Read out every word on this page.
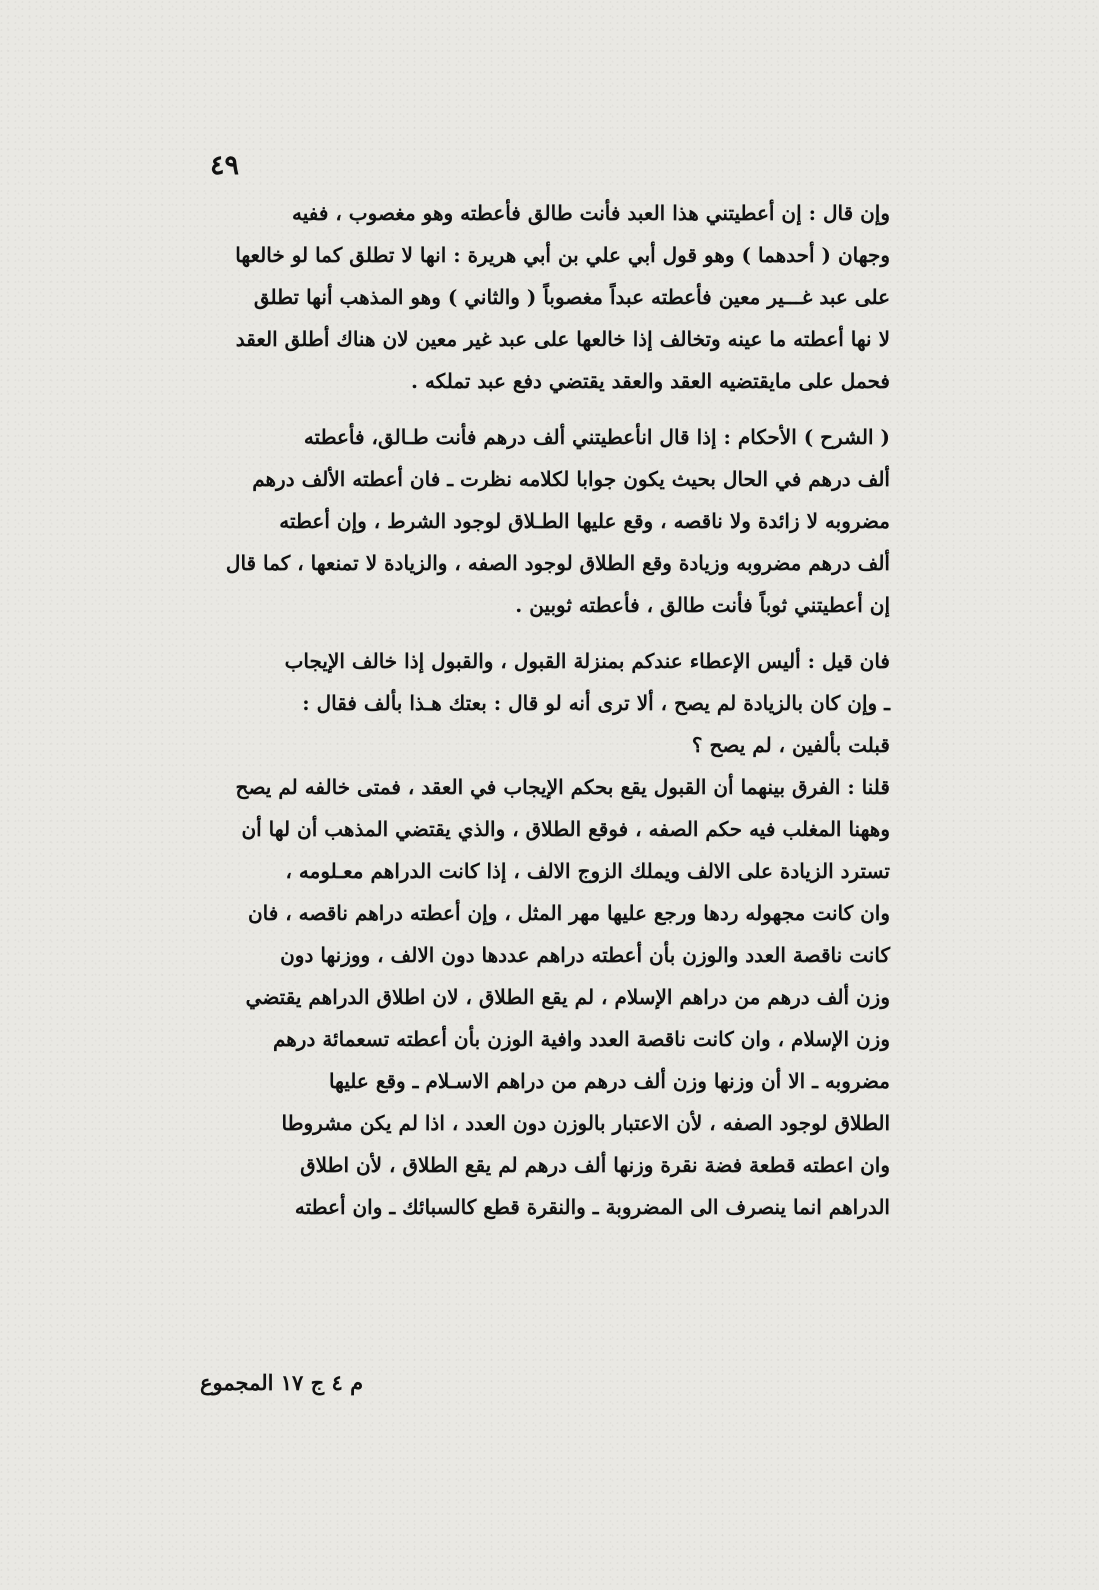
٤٩

وإن قال : إن أعطيتني هذا العبد فأنت طالق فأعطته وهو مغصوب ، ففيه
وجهان ( أحدهما ) وهو قول أبي علي بن أبي هريرة : انها لا تطلق كما لو خالعها
على عبد غـــير معين فأعطته عبداً مغصوباً ( والثاني ) وهو المذهب أنها تطلق
لا نها أعطته ما عينه وتخالف إذا خالعها على عبد غير معين لان هناك أطلق العقد
فحمل على مايقتضيه العقد والعقد يقتضي دفع عبد تملكه .

( الشرح ) الأحكام : إذا قال انأعطيتني ألف درهم فأنت طـالق، فأعطته
ألف درهم في الحال بحيث يكون جوابا لكلامه نظرت ـ فان أعطته الألف درهم
مضروبه لا زائدة ولا ناقصه ، وقع عليها الطـلاق لوجود الشرط ، وإن أعطته
ألف درهم مضروبه وزيادة وقع الطلاق لوجود الصفه ، والزيادة لا تمنعها ، كما قال
إن أعطيتني ثوباً فأنت طالق ، فأعطته ثوبين .

فان قيل : أليس الإعطاء عندكم بمنزلة القبول ، والقبول إذا خالف الإيجاب
ـ وإن كان بالزيادة لم يصح ، ألا ترى أنه لو قال : بعتك هـذا بألف فقال :
قبلت بألفين ، لم يصح ؟

قلنا : الفرق بينهما أن القبول يقع بحكم الإيجاب في العقد ، فمتى خالفه لم يصح
وههنا المغلب فيه حكم الصفه ، فوقع الطلاق ، والذي يقتضي المذهب أن لها أن
تسترد الزيادة على الالف ويملك الزوج الالف ، إذا كانت الدراهم معـلومه ،
وان كانت مجهوله ردها ورجع عليها مهر المثل ، وإن أعطته دراهم ناقصه ، فان
كانت ناقصة العدد والوزن بأن أعطته دراهم عددها دون الالف ، ووزنها دون
وزن ألف درهم من دراهم الإسلام ، لم يقع الطلاق ، لان اطلاق الدراهم يقتضي
وزن الإسلام ، وان كانت ناقصة العدد وافية الوزن بأن أعطته تسعمائة درهم
مضروبه ـ الا أن وزنها وزن ألف درهم من دراهم الاسـلام ـ وقع عليها
الطلاق لوجود الصفه ، لأن الاعتبار بالوزن دون العدد ، اذا لم يكن مشروطا
وان اعطته قطعة فضة نقرة وزنها ألف درهم لم يقع الطلاق ، لأن اطلاق
الدراهم انما ينصرف الى المضروبة ـ والنقرة قطع كالسبائك ـ وان أعطته

م ٤ ج ١٧ المجموع
